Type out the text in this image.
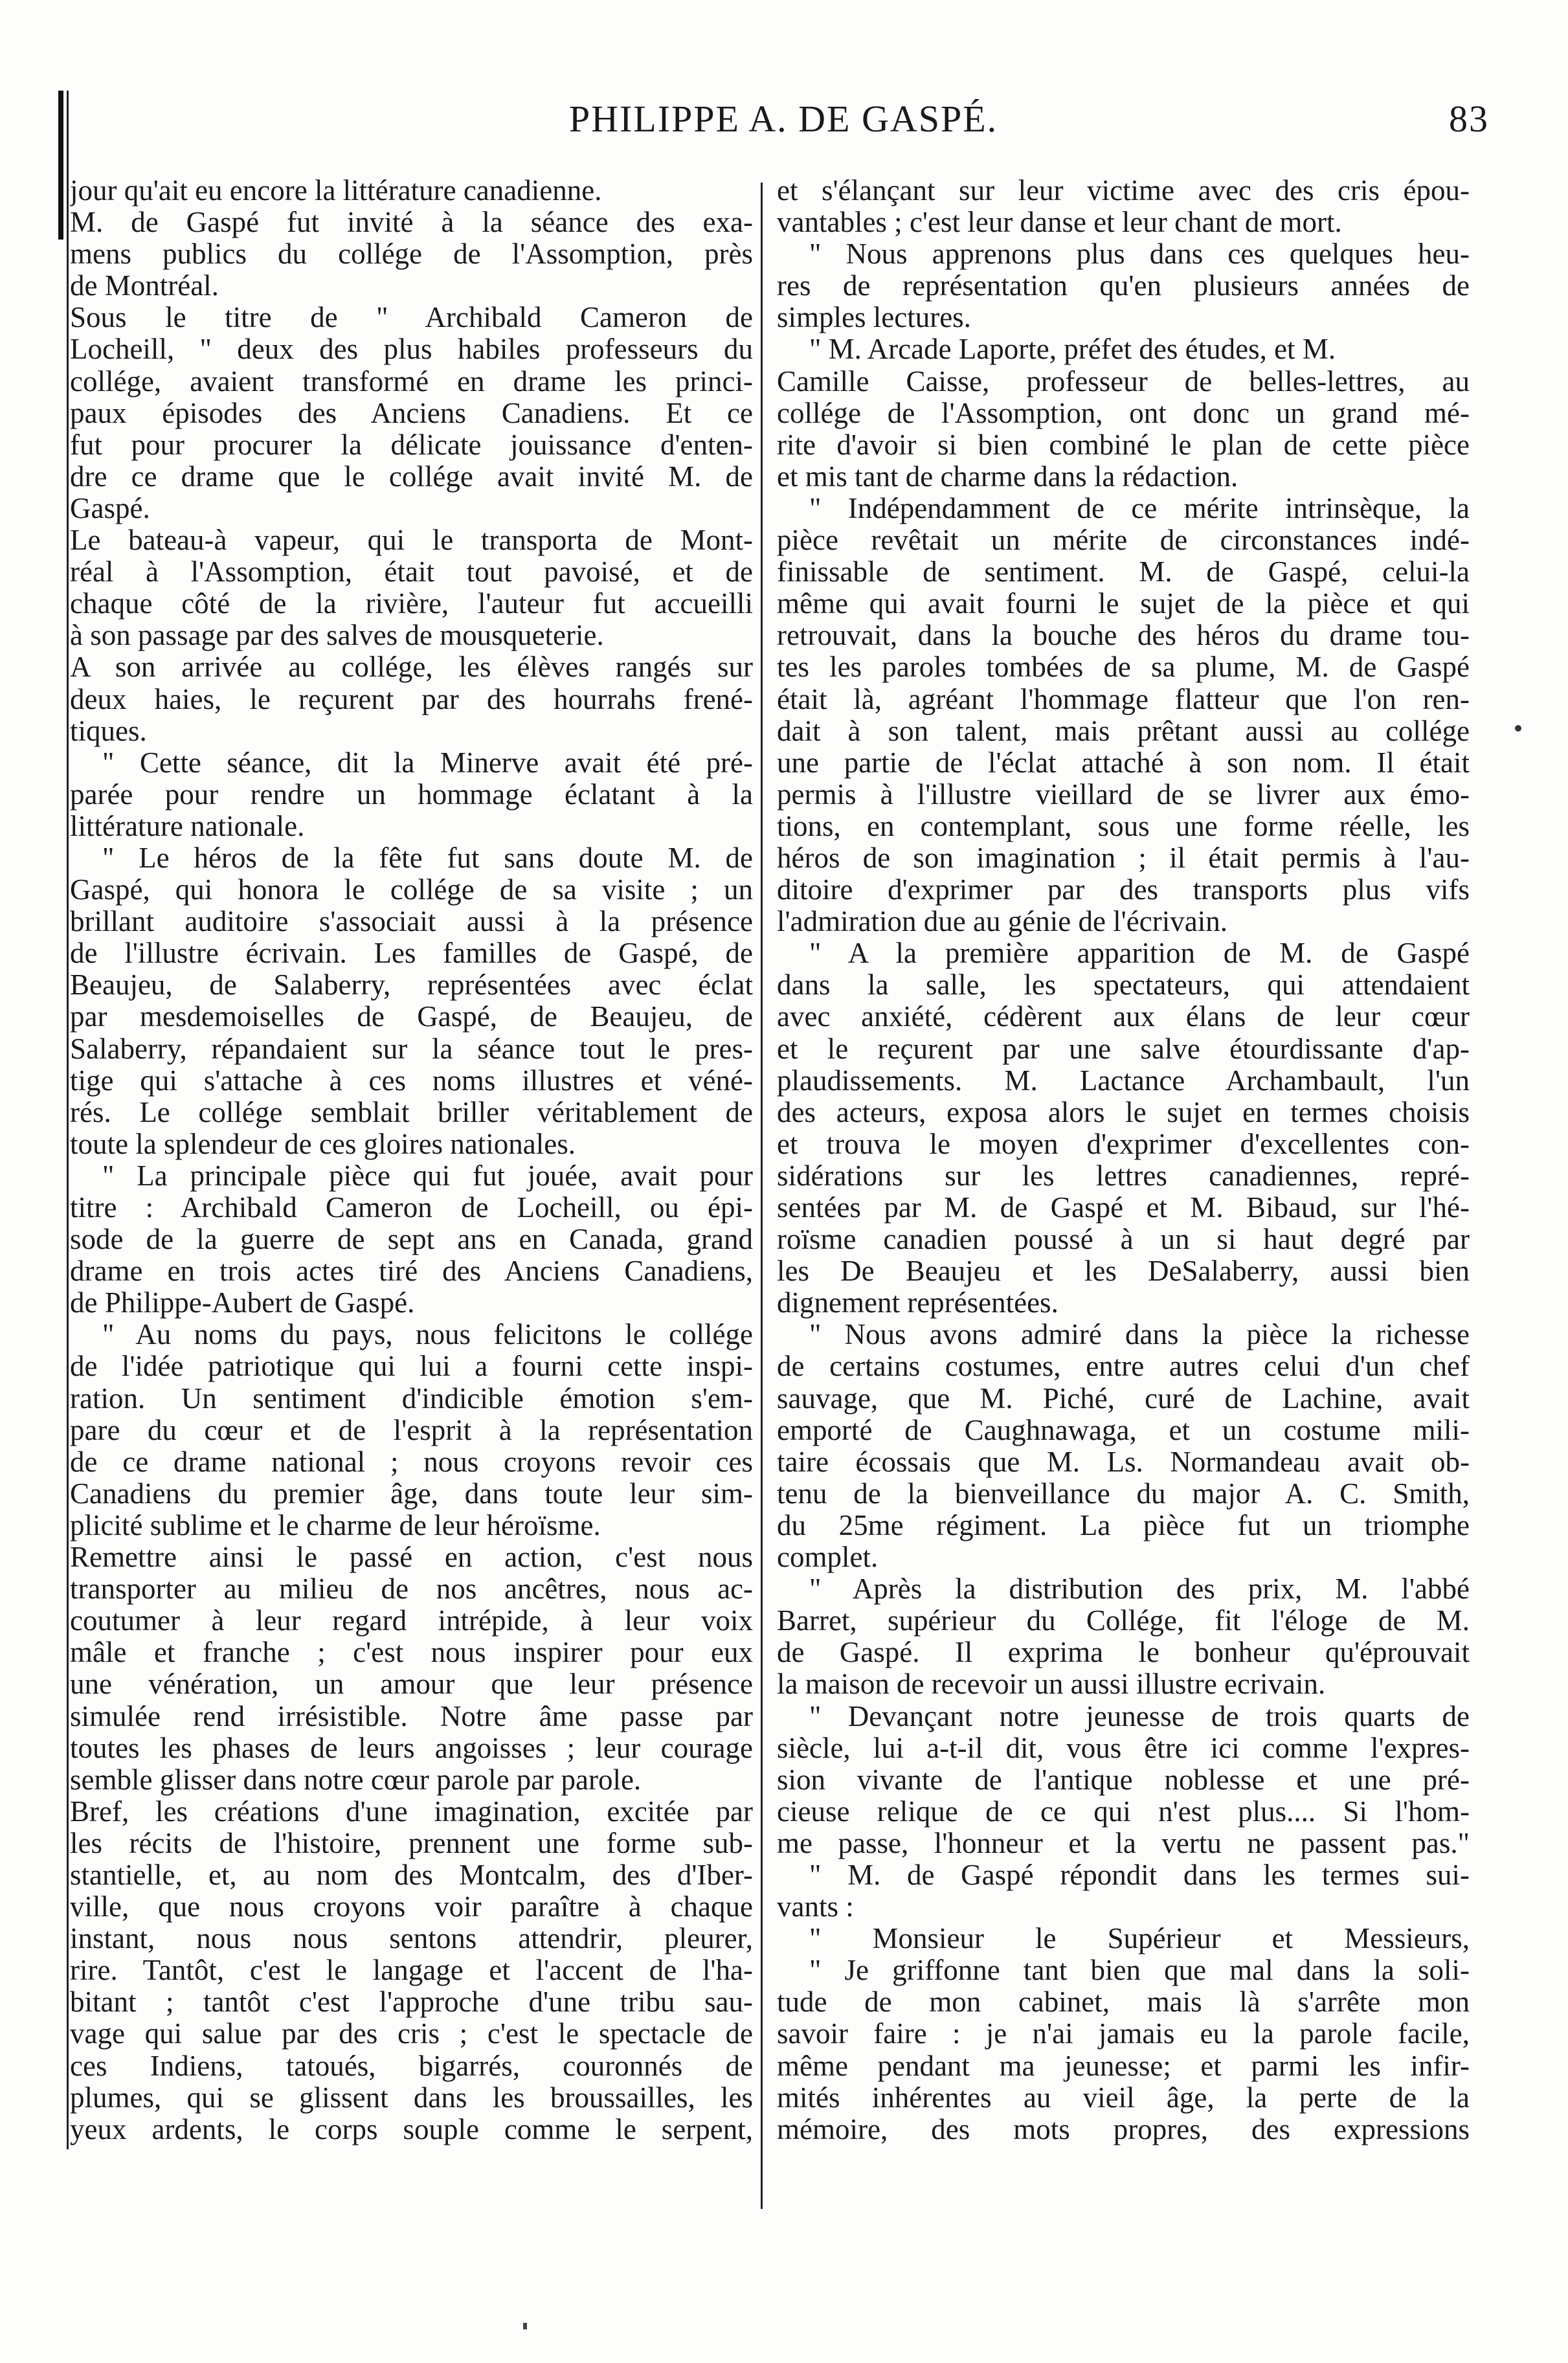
PHILIPPE A. DE GASPÉ.	83
jour qu'ait eu encore la littérature canadienne.
M. de Gaspé fut invité à la séance des exa-
mens publics du collége de l'Assomption, près
de Montréal.
Sous le titre de " Archibald Cameron de
Locheill, " deux des plus habiles professeurs du
collége, avaient transformé en drame les princi-
paux épisodes des Anciens Canadiens. Et ce
fut pour procurer la délicate jouissance d'enten-
dre ce drame que le collége avait invité M. de
Gaspé.
Le bateau-à vapeur, qui le transporta de Mont-
réal à l'Assomption, était tout pavoisé, et de
chaque côté de la rivière, l'auteur fut accueilli
à son passage par des salves de mousqueterie.
A son arrivée au collége, les élèves rangés sur
deux haies, le reçurent par des hourrahs frené-
tiques.
" Cette séance, dit la Minerve avait été pré-
parée pour rendre un hommage éclatant à la
littérature nationale.
" Le héros de la fête fut sans doute M. de
Gaspé, qui honora le collége de sa visite ; un
brillant auditoire s'associait aussi à la présence
de l'illustre écrivain. Les familles de Gaspé, de
Beaujeu, de Salaberry, représentées avec éclat
par mesdemoiselles de Gaspé, de Beaujeu, de
Salaberry, répandaient sur la séance tout le pres-
tige qui s'attache à ces noms illustres et véné-
rés. Le collége semblait briller véritablement de
toute la splendeur de ces gloires nationales.
" La principale pièce qui fut jouée, avait pour
titre : Archibald Cameron de Locheill, ou épi-
sode de la guerre de sept ans en Canada, grand
drame en trois actes tiré des Anciens Canadiens,
de Philippe-Aubert de Gaspé.
" Au noms du pays, nous felicitons le collége
de l'idée patriotique qui lui a fourni cette inspi-
ration. Un sentiment d'indicible émotion s'em-
pare du cœur et de l'esprit à la représentation
de ce drame national ; nous croyons revoir ces
Canadiens du premier âge, dans toute leur sim-
plicité sublime et le charme de leur héroïsme.
Remettre ainsi le passé en action, c'est nous
transporter au milieu de nos ancêtres, nous ac-
coutumer à leur regard intrépide, à leur voix
mâle et franche ; c'est nous inspirer pour eux
une vénération, un amour que leur présence
simulée rend irrésistible. Notre âme passe par
toutes les phases de leurs angoisses ; leur courage
semble glisser dans notre cœur parole par parole.
Bref, les créations d'une imagination, excitée par
les récits de l'histoire, prennent une forme sub-
stantielle, et, au nom des Montcalm, des d'Iber-
ville, que nous croyons voir paraître à chaque
instant, nous nous sentons attendrir, pleurer,
rire. Tantôt, c'est le langage et l'accent de l'ha-
bitant ; tantôt c'est l'approche d'une tribu sau-
vage qui salue par des cris ; c'est le spectacle de
ces Indiens, tatoués, bigarrés, couronnés de
plumes, qui se glissent dans les broussailles, les
yeux ardents, le corps souple comme le serpent,
et s'élançant sur leur victime avec des cris épou-
vantables ; c'est leur danse et leur chant de mort.
" Nous apprenons plus dans ces quelques heu-
res de représentation qu'en plusieurs années de
simples lectures.
" M. Arcade Laporte, préfet des études, et M.
Camille Caisse, professeur de belles-lettres, au
collége de l'Assomption, ont donc un grand mé-
rite d'avoir si bien combiné le plan de cette pièce
et mis tant de charme dans la rédaction.
" Indépendamment de ce mérite intrinsèque, la
pièce revêtait un mérite de circonstances indé-
finissable de sentiment. M. de Gaspé, celui-la
même qui avait fourni le sujet de la pièce et qui
retrouvait, dans la bouche des héros du drame tou-
tes les paroles tombées de sa plume, M. de Gaspé
était là, agréant l'hommage flatteur que l'on ren-
dait à son talent, mais prêtant aussi au collége
une partie de l'éclat attaché à son nom. Il était
permis à l'illustre vieillard de se livrer aux émo-
tions, en contemplant, sous une forme réelle, les
héros de son imagination ; il était permis à l'au-
ditoire d'exprimer par des transports plus vifs
l'admiration due au génie de l'écrivain.
" A la première apparition de M. de Gaspé
dans la salle, les spectateurs, qui attendaient
avec anxiété, cédèrent aux élans de leur cœur
et le reçurent par une salve étourdissante d'ap-
plaudissements. M. Lactance Archambault, l'un
des acteurs, exposa alors le sujet en termes choisis
et trouva le moyen d'exprimer d'excellentes con-
sidérations sur les lettres canadiennes, repré-
sentées par M. de Gaspé et M. Bibaud, sur l'hé-
roïsme canadien poussé à un si haut degré par
les De Beaujeu et les DeSalaberry, aussi bien
dignement représentées.
" Nous avons admiré dans la pièce la richesse
de certains costumes, entre autres celui d'un chef
sauvage, que M. Piché, curé de Lachine, avait
emporté de Caughnawaga, et un costume mili-
taire écossais que M. Ls. Normandeau avait ob-
tenu de la bienveillance du major A. C. Smith,
du 25me régiment. La pièce fut un triomphe
complet.
" Après la distribution des prix, M. l'abbé
Barret, supérieur du Collége, fit l'éloge de M.
de Gaspé. Il exprima le bonheur qu'éprouvait
la maison de recevoir un aussi illustre ecrivain.
" Devançant notre jeunesse de trois quarts de
siècle, lui a-t-il dit, vous être ici comme l'expres-
sion vivante de l'antique noblesse et une pré-
cieuse relique de ce qui n'est plus.... Si l'hom-
me passe, l'honneur et la vertu ne passent pas."
" M. de Gaspé répondit dans les termes sui-
vants :
" Monsieur le Supérieur et Messieurs,
" Je griffonne tant bien que mal dans la soli-
tude de mon cabinet, mais là s'arrête mon
savoir faire : je n'ai jamais eu la parole facile,
même pendant ma jeunesse; et parmi les infir-
mités inhérentes au vieil âge, la perte de la
mémoire, des mots propres, des expressions
